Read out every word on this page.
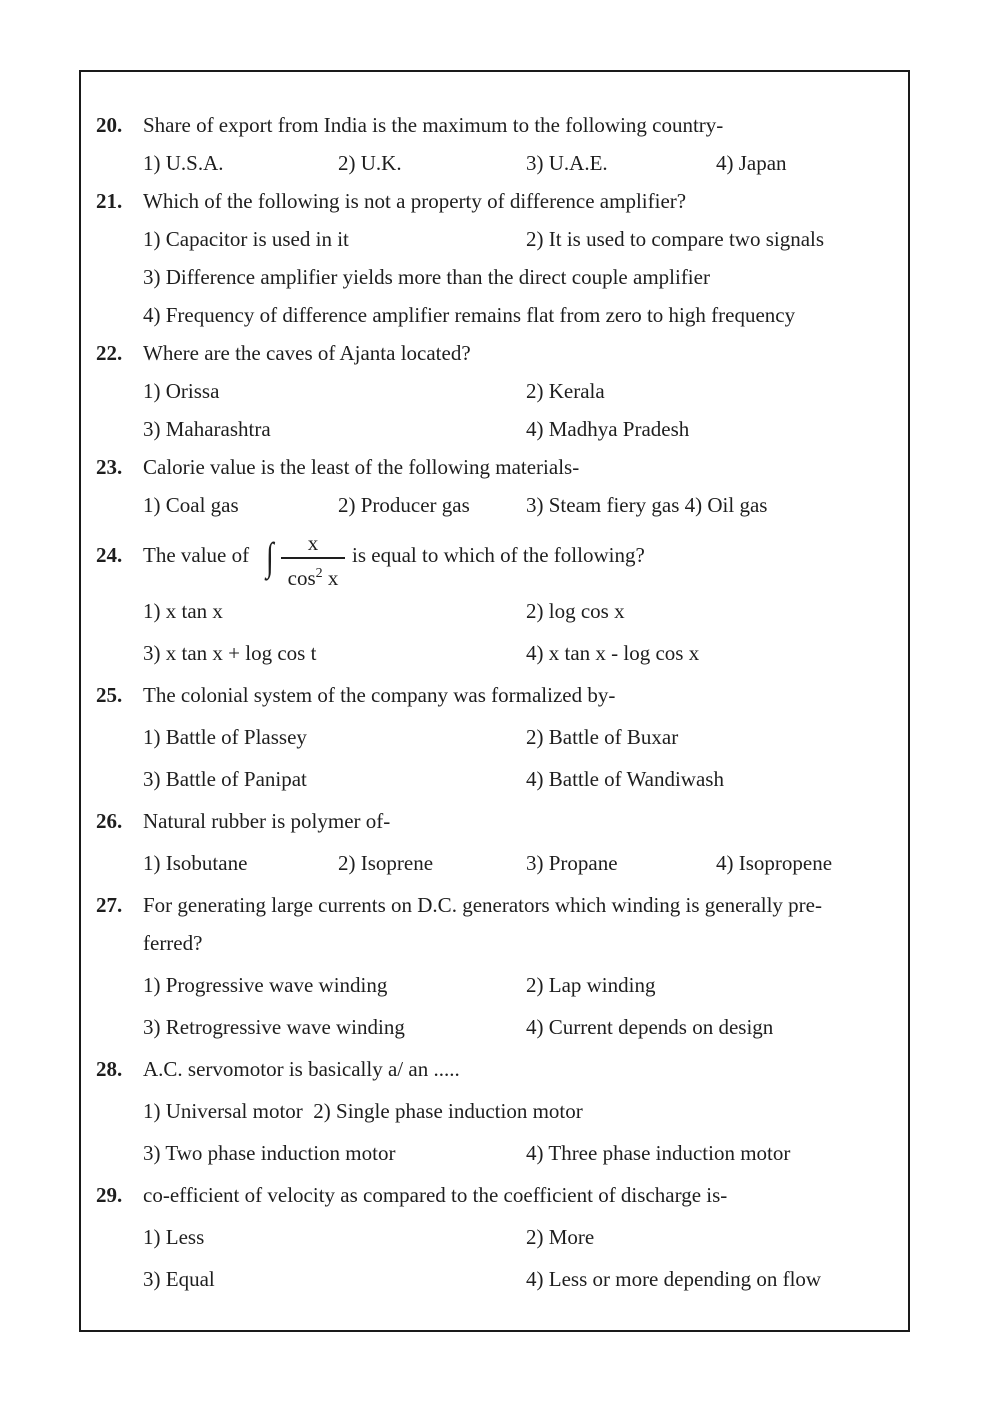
20. Share of export from India is the maximum to the following country-
1) U.S.A.	2) U.K.	3) U.A.E.	4) Japan
21. Which of the following is not a property of difference amplifier?
1) Capacitor is used in it	2) It is used to compare two signals
3) Difference amplifier yields more than the direct couple amplifier
4) Frequency of difference amplifier remains flat from zero to high frequency
22. Where are the caves of Ajanta located?
1) Orissa	2) Kerala
3) Maharashtra	4) Madhya Pradesh
23. Calorie value is the least of the following materials-
1) Coal gas	2) Producer gas	3) Steam fiery gas 4) Oil gas
24. The value of ∫	x
$\cos^2 x$
is equal to which of the following?
1) x tan x	2) log cos x
3) x tan x + log cos t	4) x tan x - log cos x
25. The colonial system of the company was formalized by-
1) Battle of Plassey	2) Battle of Buxar
3) Battle of Panipat	4) Battle of Wandiwash
26. Natural rubber is polymer of-
1) Isobutane	2) Isoprene	3) Propane	4) Isopropene
27. For generating large currents on D.C. generators which winding is generally pre-
ferred?
1) Progressive wave winding	2) Lap winding
3) Retrogressive wave winding	4) Current depends on design
28. A.C. servomotor is basically a/ an .....
1) Universal motor  2) Single phase induction motor
3) Two phase induction motor	4) Three phase induction motor
29. co-efficient of velocity as compared to the coefficient of discharge is-
1) Less	2) More
3) Equal	4) Less or more depending on flow
